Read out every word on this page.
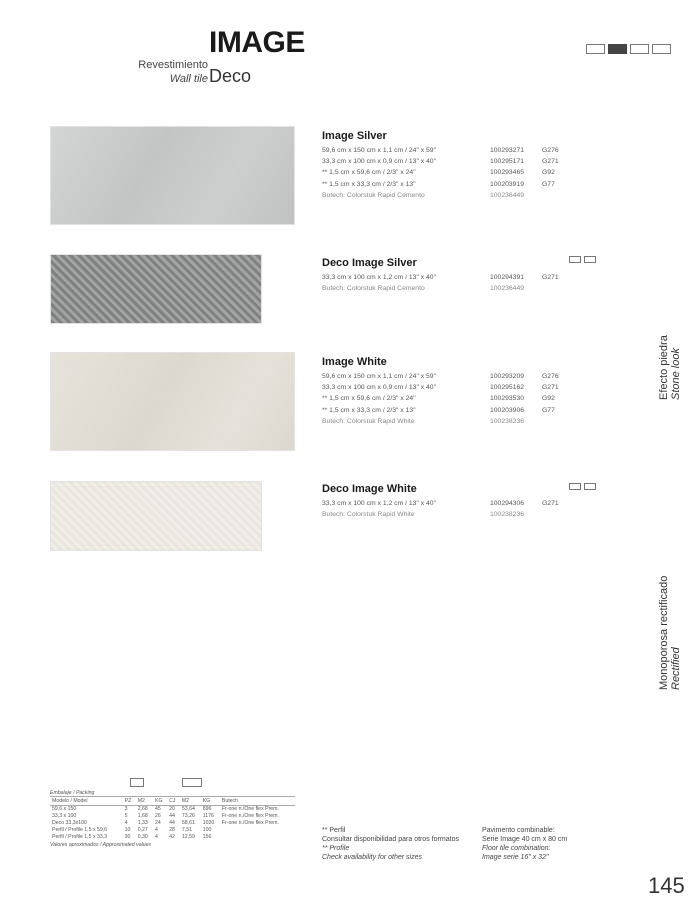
Revestimiento
Wall tile
IMAGE
Deco
Image Silver
59,6 cm x 150 cm x 1,1 cm / 24" x 59"	100293271	G276
33,3 cm x 100 cm x 0,9 cm / 13" x 40"	100295171	G271
** 1,5 cm x 59,6 cm / 2/3" x 24"	100293465	G92
** 1,5 cm x 33,3 cm / 2/3" x 13"	100203919	G77
Butech: Colorstuk Rapid Cemento	100236449
Deco Image Silver
33,3 cm x 100 cm x 1,2 cm / 13" x 40"	100294391	G271
Butech: Colorstuk Rapid Cemento	100236449
Image White
59,6 cm x 150 cm x 1,1 cm / 24" x 59"	100293209	G276
33,3 cm x 100 cm x 0,9 cm / 13" x 40"	100295162	G271
** 1,5 cm x 59,6 cm / 2/3" x 24"	100293530	G92
** 1,5 cm x 33,3 cm / 2/3" x 13"	100203906	G77
Butech: Colorstuk Rapid White	100238236
Deco Image White
33,3 cm x 100 cm x 1,2 cm / 13" x 40"	100294306	G271
Butech: Colorstuk Rapid White	100238236
Efecto piedra Stone look
Monoporosa rectificado Rectified
Embalaje / Packing
Modelo / Model	PZ	M2	KG	CJ	M2	KG	Butech
59,6 x 150	3	2,68	45	20	53,64	896	Fr-one n./One flex Prem.
33,3 x 100	5	1,68	26	44	73,26	1176	Fr-one n./One flex Prem.
Deco 33,3x100	4	1,33	24	44	58,61	1020	Fr-one n./One flex Prem.
Perfil / Profile 1,5 x 59,6	10	0,27	4	28	7,51	100	
Perfil / Profile 1,5 x 33,3	30	0,30	4	42	12,59	156	
Valores aproximados / Approximated values
** Perfil
Consultar disponibilidad para otros formatos
** Profile
Check availability for other sizes
Pavimento combinable:
Serie Image 40 cm x 80 cm
Floor tile combination:
Image serie 16" x 32"
145
